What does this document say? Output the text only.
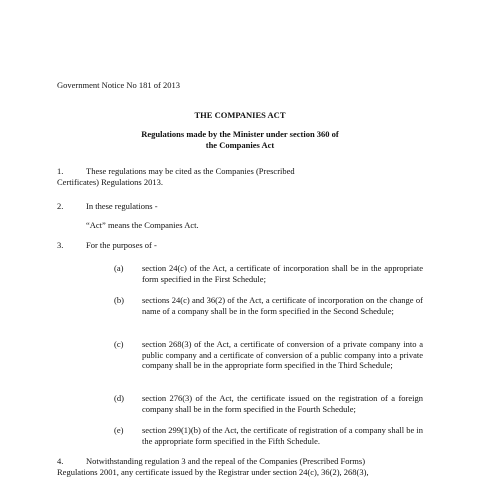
Government Notice No 181 of 2013

THE COMPANIES ACT

Regulations made by the Minister under section 360 of

the Companies Act

1.	These regulations may be cited as the Companies (Prescribed

Certificates) Regulations 2013.

2.	In these regulations -

“Act” means the Companies Act.

3.	For the purposes of -

(a) section 24(c) of the Act, a certificate of incorporation shall be in the appropriate form specified in the First Schedule;

(b) sections 24(c) and 36(2) of the Act, a certificate of incorporation on the change of name of a company shall be in the form specified in the Second Schedule;

(c) section 268(3) of the Act, a certificate of conversion of a private company into a public company and a certificate of conversion of a public company into a private company shall be in the appropriate form specified in the Third Schedule;

(d) section 276(3) of the Act, the certificate issued on the registration of a foreign company shall be in the form specified in the Fourth Schedule;

(e) section 299(1)(b) of the Act, the certificate of registration of a company shall be in the appropriate form specified in the Fifth Schedule.

4.	Notwithstanding regulation 3 and the repeal of the Companies (Prescribed Forms)

Regulations 2001, any certificate issued by the Registrar under section 24(c), 36(2), 268(3),
